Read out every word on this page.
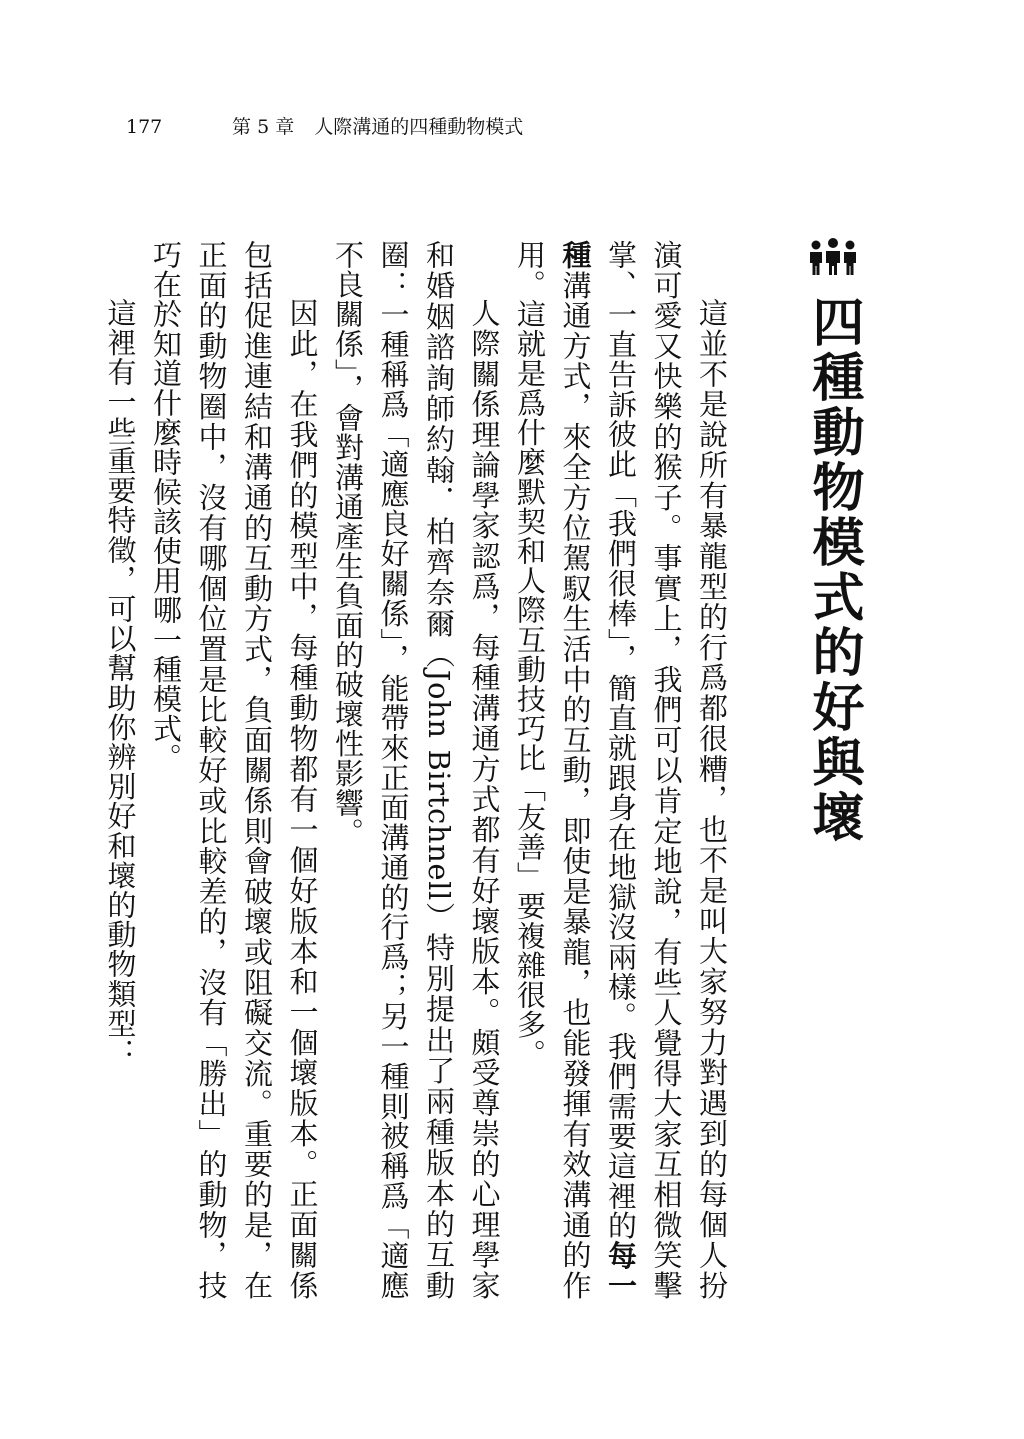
177	第 5 章 人際溝通的四種動物模式
四種動物模式的好與壞

這並不是說所有暴龍型的行爲都很糟，也不是叫大家努力對遇到的每個人扮演可愛又快樂的猴子。事實上，我們可以肯定地說，有些人覺得大家互相微笑擊掌、一直告訴彼此「我們很棒」，簡直就跟身在地獄沒兩樣。我們需要這裡的每一種溝通方式，來全方位駕馭生活中的互動，即使是暴龍，也能發揮有效溝通的作用。這就是爲什麼默契和人際互動技巧比「友善」要複雜很多。

人際關係理論學家認爲，每種溝通方式都有好壞版本。頗受尊崇的心理學家和婚姻諮詢師約翰．柏齊奈爾（John Birtchnell）特別提出了兩種版本的互動圈：一種稱爲「適應良好關係」，能帶來正面溝通的行爲；另一種則被稱爲「適應不良關係」，會對溝通產生負面的破壞性影響。

因此，在我們的模型中，每種動物都有一個好版本和一個壞版本。正面關係包括促進連結和溝通的互動方式，負面關係則會破壞或阻礙交流。重要的是，在正面的動物圈中，沒有哪個位置是比較好或比較差的，沒有「勝出」的動物，技巧在於知道什麼時候該使用哪一種模式。

這裡有一些重要特徵，可以幫助你辨別好和壞的動物類型：
